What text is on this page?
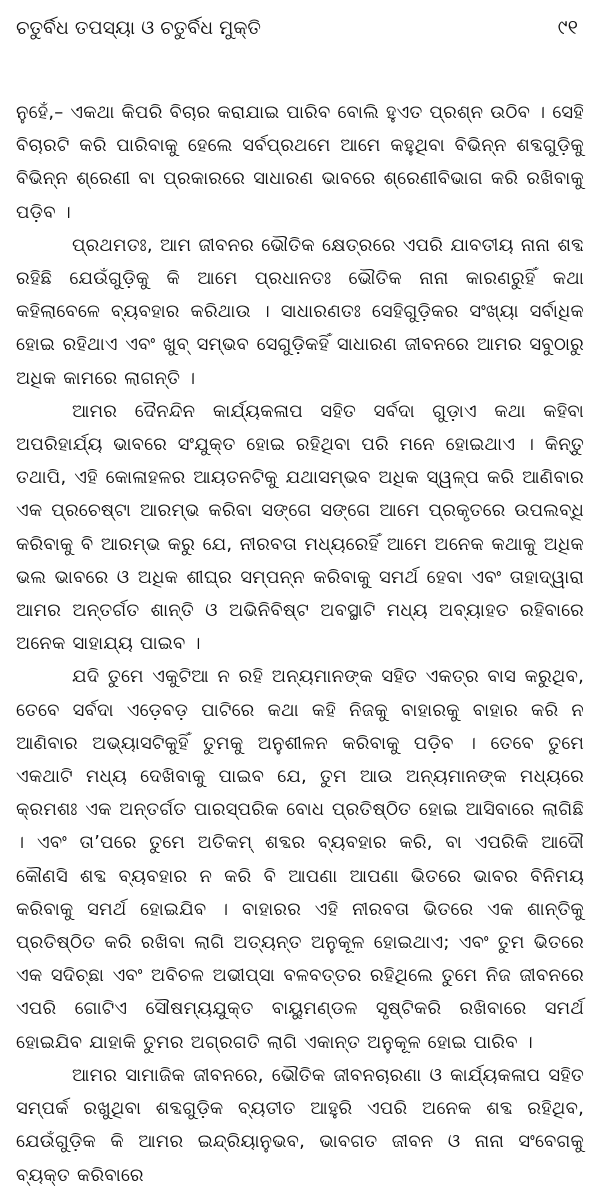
ଚତୁର୍ବିଧ ତପସ୍ୟା ଓ ଚତୁର୍ବିଧ ମୁକ୍ତି	୯୧

ନୁହେଁ,– ଏକଥା କିପରି ବିଚାର କରାଯାଇ ପାରିବ ବୋଲି ହୁଏତ ପ୍ରଶ୍ନ ଉଠିବ । ସେହି ବିଚାରଟି କରି ପାରିବାକୁ ହେଲେ ସର୍ବପ୍ରଥମେ ଆମେ କହୁଥିବା ବିଭିନ୍ନ ଶବ୍ଦଗୁଡ଼ିକୁ ବିଭିନ୍ନ ଶ୍ରେଣୀ ବା ପ୍ରକାରରେ ସାଧାରଣ ଭାବରେ ଶ୍ରେଣୀବିଭାଗ କରି ରଖିବାକୁ ପଡ଼ିବ ।

ପ୍ରଥମତଃ, ଆମ ଜୀବନର ଭୌତିକ କ୍ଷେତ୍ରରେ ଏପରି ଯାବତୀୟ ନାନା ଶବ୍ଦ ରହିଛି ଯେଉଁଗୁଡ଼ିକୁ କି ଆମେ ପ୍ରଧାନତଃ ଭୌତିକ ନାନା କାରଣରୁହିଁ କଥା କହିଲାବେଳେ ବ୍ୟବହାର କରିଥାଉ । ସାଧାରଣତଃ ସେହିଗୁଡ଼ିକର ସଂଖ୍ୟା ସର୍ବାଧିକ ହୋଇ ରହିଥାଏ ଏବଂ ଖୁବ୍ ସମ୍ଭବ ସେଗୁଡ଼ିକହିଁ ସାଧାରଣ ଜୀବନରେ ଆମର ସବୁଠାରୁ ଅଧିକ କାମରେ ଲାଗନ୍ତି ।

ଆମର ଦୈନନ୍ଦିନ କାର୍ଯ୍ୟକଳାପ ସହିତ ସର୍ବଦା ଗୁଡ଼ାଏ କଥା କହିବା ଅପରିହାର୍ଯ୍ୟ ଭାବରେ ସଂଯୁକ୍ତ ହୋଇ ରହିଥିବା ପରି ମନେ ହୋଇଥାଏ । କିନ୍ତୁ ତଥାପି, ଏହି କୋଳାହଳର ଆୟତନଟିକୁ ଯଥାସମ୍ଭବ ଅଧିକ ସ୍ୱଳ୍ପ କରି ଆଣିବାର ଏକ ପ୍ରଚେଷ୍ଟା ଆରମ୍ଭ କରିବା ସଙ୍ଗେ ସଙ୍ଗେ ଆମେ ପ୍ରକୃତରେ ଉପଲବ୍ଧି କରିବାକୁ ବି ଆରମ୍ଭ କରୁ ଯେ, ନୀରବତା ମଧ୍ୟରେହିଁ ଆମେ ଅନେକ କଥାକୁ ଅଧିକ ଭଲ ଭାବରେ ଓ ଅଧିକ ଶୀଘ୍ର ସମ୍ପନ୍ନ କରିବାକୁ ସମର୍ଥ ହେବା ଏବଂ ତାହାଦ୍ୱାରା ଆମର ଅନ୍ତର୍ଗତ ଶାନ୍ତି ଓ ଅଭିନିବିଷ୍ଟ ଅବସ୍ଥାଟି ମଧ୍ୟ ଅବ୍ୟାହତ ରହିବାରେ ଅନେକ ସାହାଯ୍ୟ ପାଇବ ।

ଯଦି ତୁମେ ଏକୁଟିଆ ନ ରହି ଅନ୍ୟମାନଙ୍କ ସହିତ ଏକତ୍ର ବାସ କରୁଥିବ, ତେବେ ସର୍ବଦା ଏଡ଼େବଡ଼ ପାଟିରେ କଥା କହି ନିଜକୁ ବାହାରକୁ ବାହାର କରି ନ ଆଣିବାର ଅଭ୍ୟାସଟିକୁହିଁ ତୁମକୁ ଅନୁଶୀଳନ କରିବାକୁ ପଡ଼ିବ । ତେବେ ତୁମେ ଏକଥାଟି ମଧ୍ୟ ଦେଖିବାକୁ ପାଇବ ଯେ, ତୁମ ଆଉ ଅନ୍ୟମାନଙ୍କ ମଧ୍ୟରେ କ୍ରମଶଃ ଏକ ଅନ୍ତର୍ଗତ ପାରସ୍ପରିକ ବୋଧ ପ୍ରତିଷ୍ଠିତ ହୋଇ ଆସିବାରେ ଲାଗିଛି । ଏବଂ ତା’ପରେ ତୁମେ ଅତିକମ୍ ଶବ୍ଦର ବ୍ୟବହାର କରି, ବା ଏପରିକି ଆଦୌ କୌଣସି ଶବ୍ଦ ବ୍ୟବହାର ନ କରି ବି ଆପଣା ଆପଣା ଭିତରେ ଭାବର ବିନିମୟ କରିବାକୁ ସମର୍ଥ ହୋଇଯିବ । ବାହାରର ଏହି ନୀରବତା ଭିତରେ ଏକ ଶାନ୍ତିକୁ ପ୍ରତିଷ୍ଠିତ କରି ରଖିବା ଲାଗି ଅତ୍ୟନ୍ତ ଅନୁକୂଳ ହୋଇଥାଏ; ଏବଂ ତୁମ ଭିତରେ ଏକ ସଦିଚ୍ଛା ଏବଂ ଅବିଚଳ ଅଭୀପ୍ସା ବଳବତ୍ତର ରହିଥିଲେ ତୁମେ ନିଜ ଜୀବନରେ ଏପରି ଗୋଟିଏ ସୌଷମ୍ୟଯୁକ୍ତ ବାୟୁମଣ୍ଡଳ ସୃଷ୍ଟିକରି ରଖିବାରେ ସମର୍ଥ ହୋଇଯିବ ଯାହାକି ତୁମର ଅଗ୍ରଗତି ଲାଗି ଏକାନ୍ତ ଅନୁକୂଳ ହୋଇ ପାରିବ ।

ଆମର ସାମାଜିକ ଜୀବନରେ, ଭୌତିକ ଜୀବନଚାରଣା ଓ କାର୍ଯ୍ୟକଳାପ ସହିତ ସମ୍ପର୍କ ରଖୁଥିବା ଶବ୍ଦଗୁଡ଼ିକ ବ୍ୟତୀତ ଆହୁରି ଏପରି ଅନେକ ଶବ୍ଦ ରହିଥିବ, ଯେଉଁଗୁଡ଼ିକ କି ଆମର ଇନ୍ଦ୍ରିୟାନୁଭବ, ଭାବଗତ ଜୀବନ ଓ ନାନା ସଂବେଗକୁ ବ୍ୟକ୍ତ କରିବାରେ
